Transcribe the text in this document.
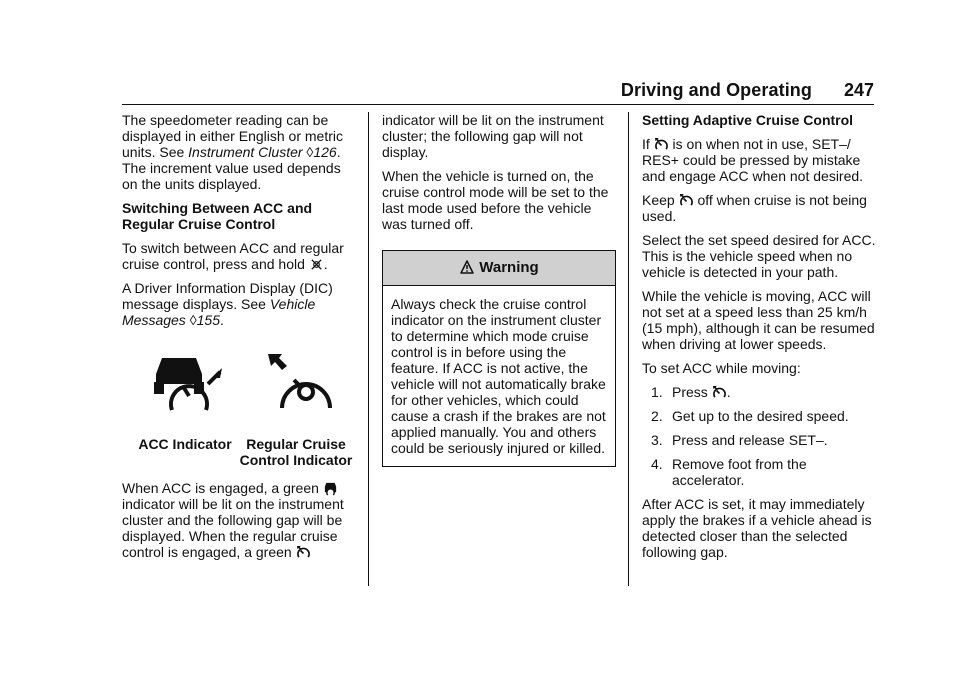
Driving and Operating 247

The speedometer reading can be displayed in either English or metric units. See Instrument Cluster ◊126. The increment value used depends on the units displayed.

Switching Between ACC and Regular Cruise Control

To switch between ACC and regular cruise control, press and hold .

A Driver Information Display (DIC) message displays. See Vehicle Messages ◊155.

ACC Indicator	Regular Cruise Control Indicator

When ACC is engaged, a green  indicator will be lit on the instrument cluster and the following gap will be displayed. When the regular cruise control is engaged, a green

indicator will be lit on the instrument cluster; the following gap will not display.

When the vehicle is turned on, the cruise control mode will be set to the last mode used before the vehicle was turned off.

Warning
Always check the cruise control indicator on the instrument cluster to determine which mode cruise control is in before using the feature. If ACC is not active, the vehicle will not automatically brake for other vehicles, which could cause a crash if the brakes are not applied manually. You and others could be seriously injured or killed.

Setting Adaptive Cruise Control

If  is on when not in use, SET–/ RES+ could be pressed by mistake and engage ACC when not desired.

Keep  off when cruise is not being used.

Select the set speed desired for ACC. This is the vehicle speed when no vehicle is detected in your path.

While the vehicle is moving, ACC will not set at a speed less than 25 km/h (15 mph), although it can be resumed when driving at lower speeds.

To set ACC while moving:

1. Press .
2. Get up to the desired speed.
3. Press and release SET–.
4. Remove foot from the accelerator.

After ACC is set, it may immediately apply the brakes if a vehicle ahead is detected closer than the selected following gap.
